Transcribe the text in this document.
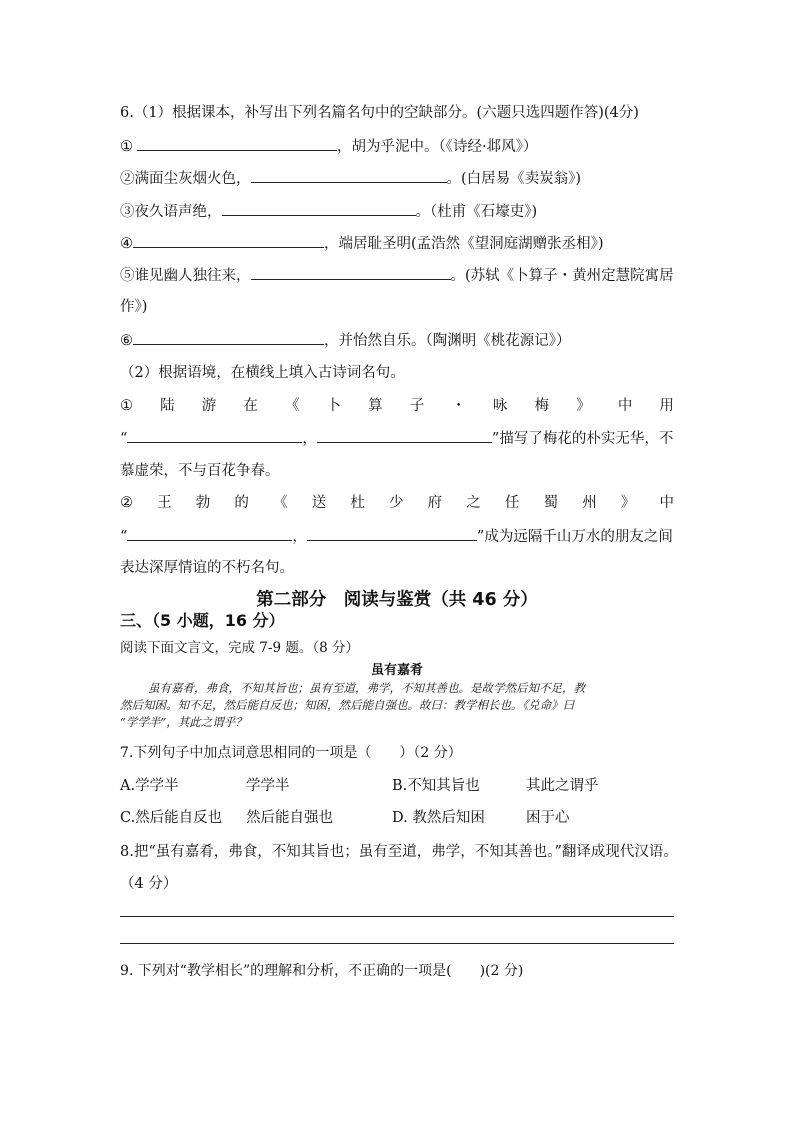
6.（1）根据课本，补写出下列名篇名句中的空缺部分。(六题只选四题作答)(4分)
①	，胡为乎泥中。（《诗经·邶风》）
②满面尘灰烟火色，	。(白居易《卖炭翁》)
③夜久语声绝，	。（杜甫《石壕吏》)
④	，端居耻圣明(孟浩然《望洞庭湖赠张丞相》)
⑤谁见幽人独往来，	。(苏轼《卜算子・黄州定慧院寓居
作》)
⑥	，并怡然自乐。（陶渊明《桃花源记》）
（2）根据语境，在横线上填入古诗词名句。
① 陆 游 在 《 卜 算 子 ・ 咏 梅 》 中 用
“	，	”描写了梅花的朴实无华，不
慕虚荣，不与百花争春。
② 王 勃 的 《 送 杜 少 府 之 任 蜀 州 》 中
“	，	”成为远隔千山万水的朋友之间
表达深厚情谊的不朽名句。
第二部分　阅读与鉴赏（共 46 分）
三、（5 小题，16 分）
阅读下面文言文，完成 7-9 题。（8 分）
虽有嘉肴
虽有嘉肴，弗食，不知其旨也；虽有至道，弗学，不知其善也。是故学然后知不足，教
然后知困。知不足，然后能自反也；知困，然后能自强也。故曰：教学相长也。《兑命》曰
“学学半”，其此之谓乎？
7.下列句子中加点词意思相同的一项是（　　）（2 分）
A.学学半	学学半	B.不知其旨也	其此之谓乎
C.然后能自反也 然后能自强也	D. 教然后知困	困于心
8.把“虽有嘉肴，弗食，不知其旨也；虽有至道，弗学，不知其善也。”翻译成现代汉语。
（4 分）
9. 下列对“教学相长”的理解和分析，不正确的一项是(　　)(2 分)
